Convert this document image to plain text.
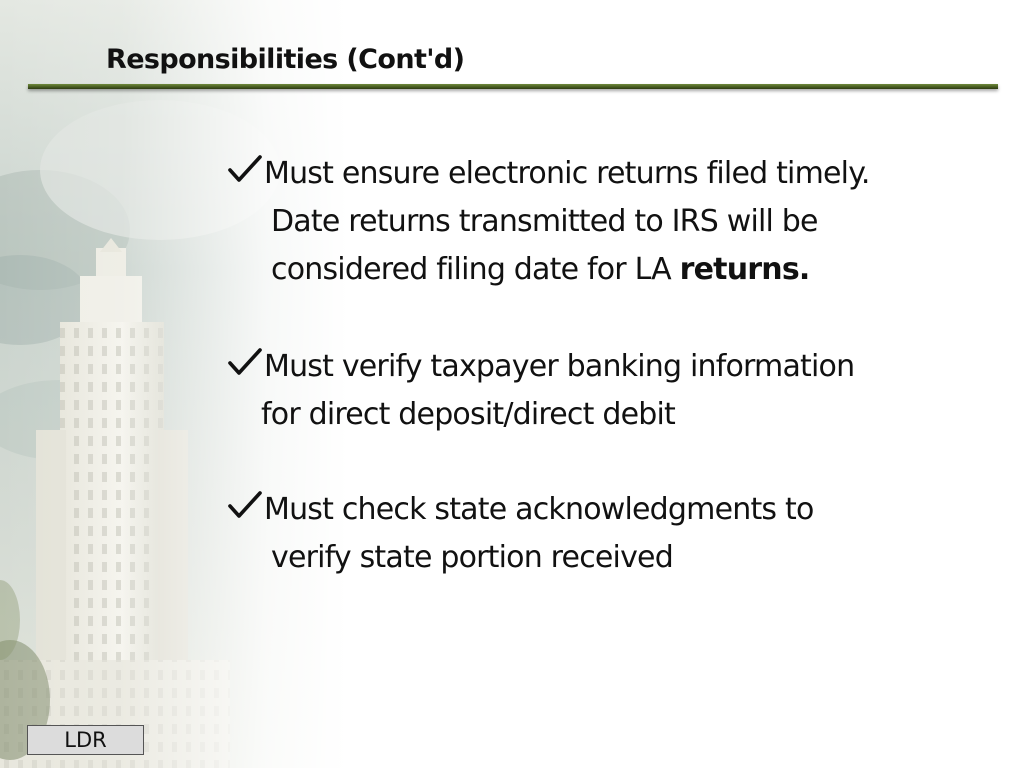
Responsibilities (Cont'd)
Must ensure electronic returns filed timely.
Date returns transmitted to IRS will be
considered filing date for LA returns.
Must verify taxpayer banking information
for direct deposit/direct debit
Must check state acknowledgments to
verify state portion received
LDR
